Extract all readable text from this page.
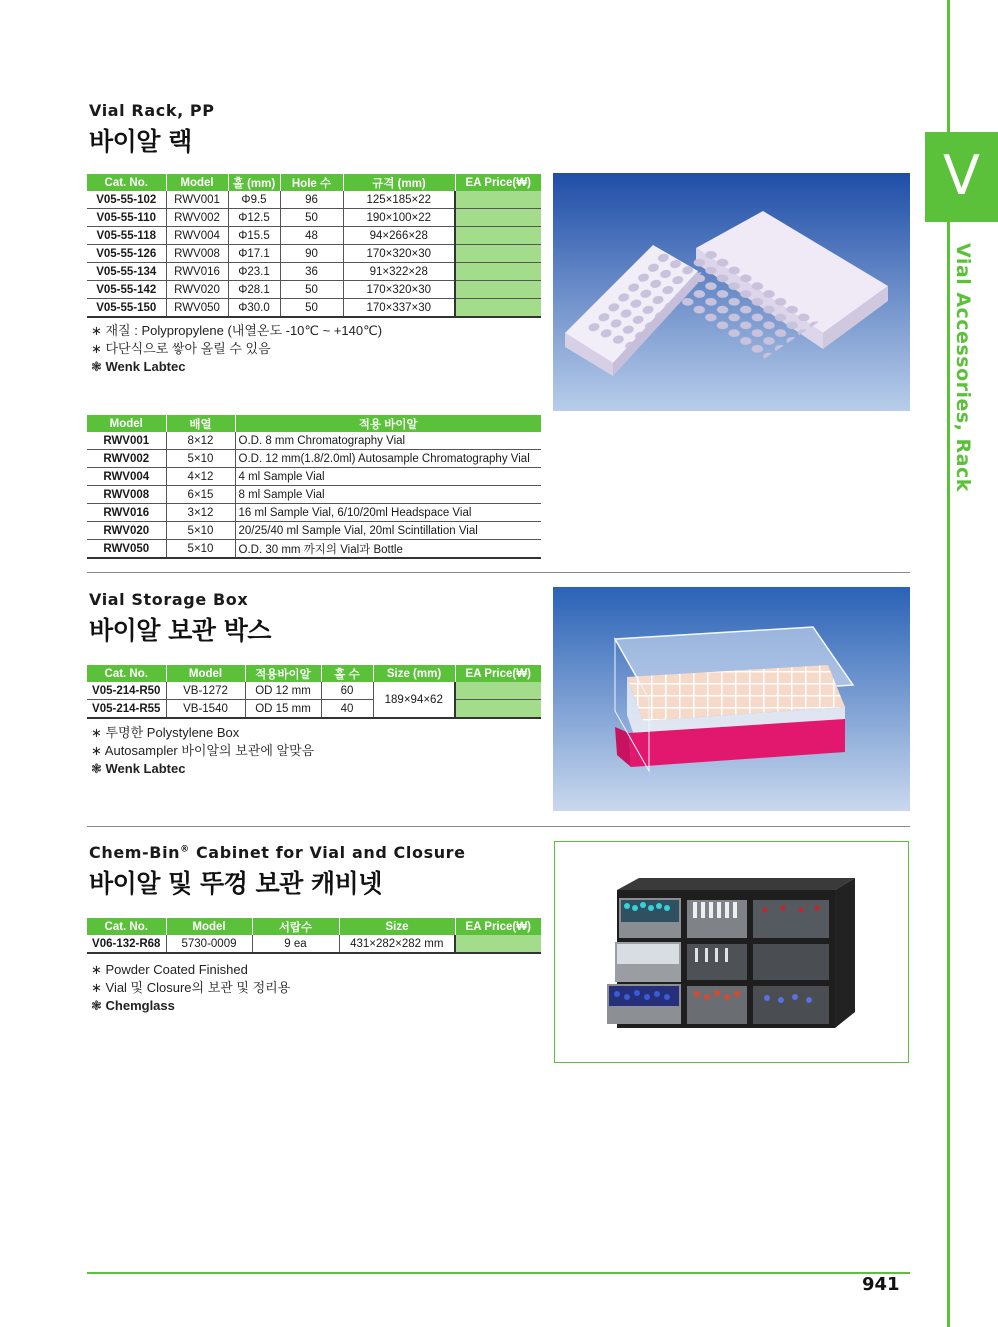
V
Vial Accessories, Rack
Vial Rack, PP
바이알 랙
Cat. No.	Model	홀 (mm)	Hole 수	규격 (mm)	EA Price(₩)
V05-55-102	RWV001	Φ9.5	96	125×185×22	
V05-55-110	RWV002	Φ12.5	50	190×100×22	
V05-55-118	RWV004	Φ15.5	48	94×266×28	
V05-55-126	RWV008	Φ17.1	90	170×320×30	
V05-55-134	RWV016	Φ23.1	36	91×322×28	
V05-55-142	RWV020	Φ28.1	50	170×320×30	
V05-55-150	RWV050	Φ30.0	50	170×337×30	
∗ 재질 : Polypropylene (내열온도 -10℃ ~ +140℃)
∗ 다단식으로 쌓아 올릴 수 있음
❃ Wenk Labtec
Model	배열	적용 바이알
RWV001	8×12	O.D. 8 mm Chromatography Vial
RWV002	5×10	O.D. 12 mm(1.8/2.0ml) Autosample Chromatography Vial
RWV004	4×12	4 ml Sample Vial
RWV008	6×15	8 ml Sample Vial
RWV016	3×12	16 ml Sample Vial, 6/10/20ml Headspace Vial
RWV020	5×10	20/25/40 ml Sample Vial, 20ml Scintillation Vial
RWV050	5×10	O.D. 30 mm 까지의 Vial과 Bottle
Vial Storage Box
바이알 보관 박스
Cat. No.	Model	적용바이알	홀 수	Size (mm)	EA Price(₩)
V05-214-R50	VB-1272	OD 12 mm	60	189×94×62	
V05-214-R55	VB-1540	OD 15 mm	40		
∗ 투명한 Polystylene Box
∗ Autosampler 바이알의 보관에 알맞음
❃ Wenk Labtec
Chem-Bin® Cabinet for Vial and Closure
바이알 및 뚜껑 보관 캐비넷
Cat. No.	Model	서랍수	Size	EA Price(₩)
V06-132-R68	5730-0009	9 ea	431×282×282 mm	
∗ Powder Coated Finished
∗ Vial 및 Closure의 보관 및 정리용
❃ Chemglass
941
